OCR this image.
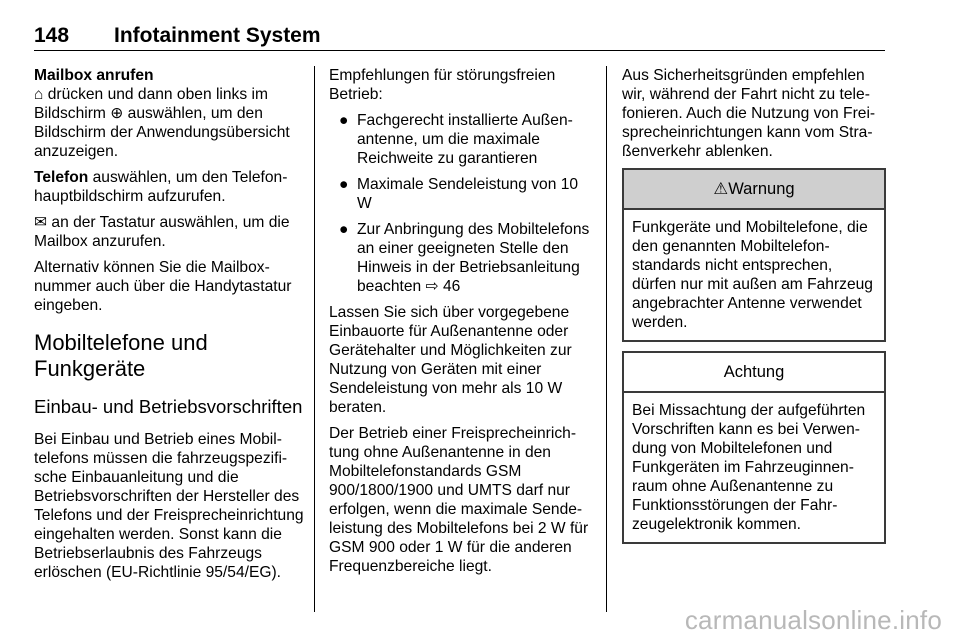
148 Infotainment System

Mailbox anrufen

⌂ drücken und dann oben links im Bildschirm ⊕ auswählen, um den Bildschirm der Anwendungsübersicht anzuzeigen.

Telefon auswählen, um den Telefonhauptbildschirm aufzurufen.

✉ an der Tastatur auswählen, um die Mailbox anzurufen.

Alternativ können Sie die Mailboxnummer auch über die Handytastatur eingeben.

Mobiltelefone und Funkgeräte
Einbau- und Betriebsvorschriften

Bei Einbau und Betrieb eines Mobiltelefons müssen die fahrzeugspezifische Einbauanleitung und die Betriebsvorschriften der Hersteller des Telefons und der Freisprecheinrichtung eingehalten werden. Sonst kann die Betriebserlaubnis des Fahrzeugs erlöschen (EU-Richtlinie 95/54/EG).

Empfehlungen für störungsfreien Betrieb:

● Fachgerecht installierte Außenantenne, um die maximale Reichweite zu garantieren
● Maximale Sendeleistung von 10 W
● Zur Anbringung des Mobiltelefons an einer geeigneten Stelle den Hinweis in der Betriebsanleitung beachten ⇨ 46

Lassen Sie sich über vorgegebene Einbauorte für Außenantenne oder Gerätehalter und Möglichkeiten zur Nutzung von Geräten mit einer Sendeleistung von mehr als 10 W beraten.

Der Betrieb einer Freisprecheinrichtung ohne Außenantenne in den Mobiltelefonstandards GSM 900/1800/1900 und UMTS darf nur erfolgen, wenn die maximale Sendeleistung des Mobiltelefons bei 2 W für GSM 900 oder 1 W für die anderen Frequenzbereiche liegt.

Aus Sicherheitsgründen empfehlen wir, während der Fahrt nicht zu telefonieren. Auch die Nutzung von Freisprecheinrichtungen kann vom Straßenverkehr ablenken.

⚠Warnung
Funkgeräte und Mobiltelefone, die den genannten Mobiltelefonstandards nicht entsprechen, dürfen nur mit außen am Fahrzeug angebrachter Antenne verwendet werden.
Achtung
Bei Missachtung der aufgeführten Vorschriften kann es bei Verwendung von Mobiltelefonen und Funkgeräten im Fahrzeuginnenraum ohne Außenantenne zu Funktionsstörungen der Fahrzeugelektronik kommen.
carmanualsonline.info
